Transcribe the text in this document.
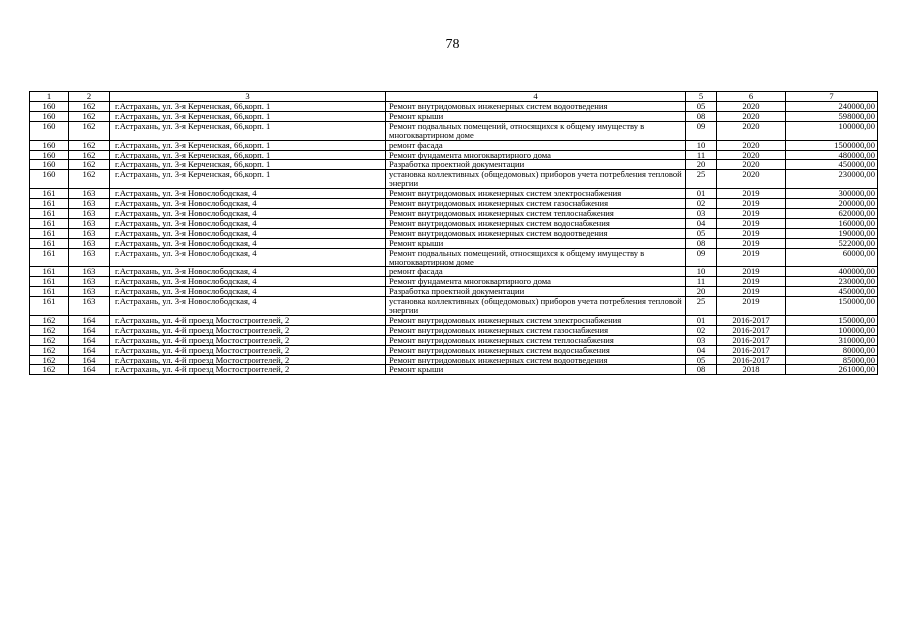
78
1	2	3	4	5	6	7
160	162	г.Астрахань, ул. 3-я Керченская, 66,корп. 1	Ремонт внутридомовых инженерных систем водоотведения	05	2020	240000,00
160	162	г.Астрахань, ул. 3-я Керченская, 66,корп. 1	Ремонт крыши	08	2020	598000,00
160	162	г.Астрахань, ул. 3-я Керченская, 66,корп. 1	Ремонт подвальных помещений, относящихся к общему имуществу в многоквартирном доме	09	2020	100000,00
160	162	г.Астрахань, ул. 3-я Керченская, 66,корп. 1	ремонт фасада	10	2020	1500000,00
160	162	г.Астрахань, ул. 3-я Керченская, 66,корп. 1	Ремонт фундамента многоквартирного дома	11	2020	480000,00
160	162	г.Астрахань, ул. 3-я Керченская, 66,корп. 1	Разработка проектной документации	20	2020	450000,00
160	162	г.Астрахань, ул. 3-я Керченская, 66,корп. 1	установка коллективных (общедомовых) приборов учета потребления тепловой энергии	25	2020	230000,00
161	163	г.Астрахань, ул. 3-я Новослободская, 4	Ремонт внутридомовых инженерных систем электроснабжения	01	2019	300000,00
161	163	г.Астрахань, ул. 3-я Новослободская, 4	Ремонт внутридомовых инженерных систем газоснабжения	02	2019	200000,00
161	163	г.Астрахань, ул. 3-я Новослободская, 4	Ремонт внутридомовых инженерных систем теплоснабжения	03	2019	620000,00
161	163	г.Астрахань, ул. 3-я Новослободская, 4	Ремонт внутридомовых инженерных систем водоснабжения	04	2019	160000,00
161	163	г.Астрахань, ул. 3-я Новослободская, 4	Ремонт внутридомовых инженерных систем водоотведения	05	2019	190000,00
161	163	г.Астрахань, ул. 3-я Новослободская, 4	Ремонт крыши	08	2019	522000,00
161	163	г.Астрахань, ул. 3-я Новослободская, 4	Ремонт подвальных помещений, относящихся к общему имуществу в многоквартирном доме	09	2019	60000,00
161	163	г.Астрахань, ул. 3-я Новослободская, 4	ремонт фасада	10	2019	400000,00
161	163	г.Астрахань, ул. 3-я Новослободская, 4	Ремонт фундамента многоквартирного дома	11	2019	230000,00
161	163	г.Астрахань, ул. 3-я Новослободская, 4	Разработка проектной документации	20	2019	450000,00
161	163	г.Астрахань, ул. 3-я Новослободская, 4	установка коллективных (общедомовых) приборов учета потребления тепловой энергии	25	2019	150000,00
162	164	г.Астрахань, ул. 4-й проезд Мостостроителей, 2	Ремонт внутридомовых инженерных систем электроснабжения	01	2016-2017	150000,00
162	164	г.Астрахань, ул. 4-й проезд Мостостроителей, 2	Ремонт внутридомовых инженерных систем газоснабжения	02	2016-2017	100000,00
162	164	г.Астрахань, ул. 4-й проезд Мостостроителей, 2	Ремонт внутридомовых инженерных систем теплоснабжения	03	2016-2017	310000,00
162	164	г.Астрахань, ул. 4-й проезд Мостостроителей, 2	Ремонт внутридомовых инженерных систем водоснабжения	04	2016-2017	80000,00
162	164	г.Астрахань, ул. 4-й проезд Мостостроителей, 2	Ремонт внутридомовых инженерных систем водоотведения	05	2016-2017	85000,00
162	164	г.Астрахань, ул. 4-й проезд Мостостроителей, 2	Ремонт крыши	08	2018	261000,00
